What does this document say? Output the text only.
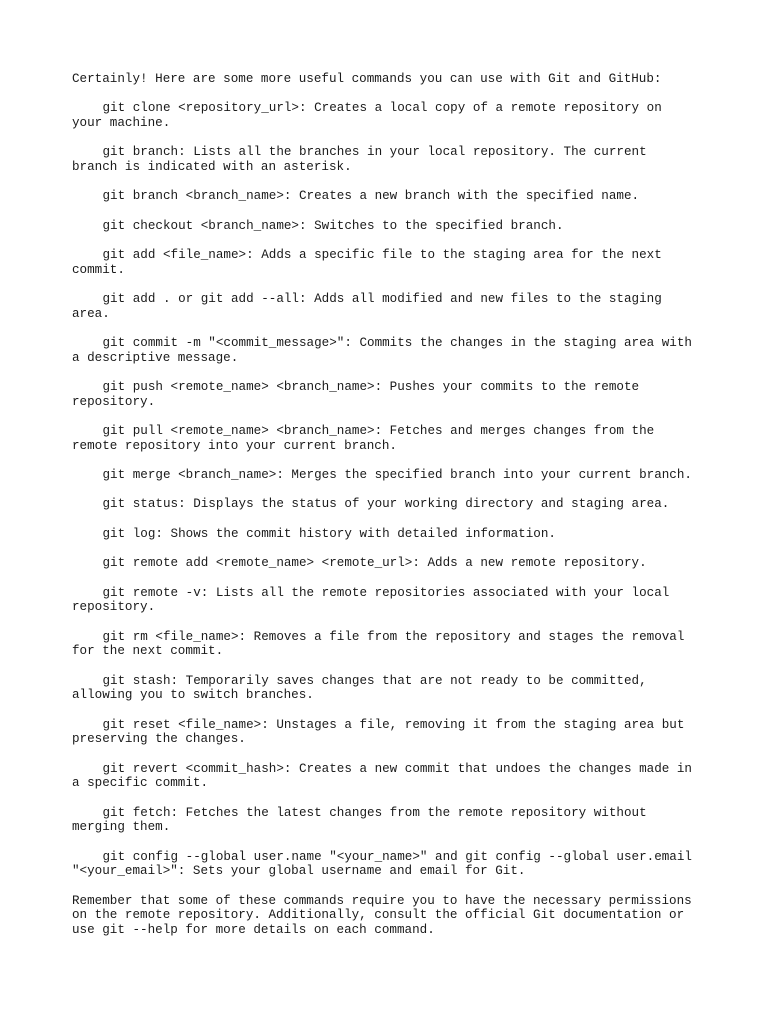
Certainly! Here are some more useful commands you can use with Git and GitHub:

git clone <repository_url>: Creates a local copy of a remote repository on your machine.

git branch: Lists all the branches in your local repository. The current branch is indicated with an asterisk.

git branch <branch_name>: Creates a new branch with the specified name.

git checkout <branch_name>: Switches to the specified branch.

git add <file_name>: Adds a specific file to the staging area for the next commit.

git add . or git add --all: Adds all modified and new files to the staging area.

git commit -m "<commit_message>": Commits the changes in the staging area with a descriptive message.

git push <remote_name> <branch_name>: Pushes your commits to the remote repository.

git pull <remote_name> <branch_name>: Fetches and merges changes from the remote repository into your current branch.

git merge <branch_name>: Merges the specified branch into your current branch.

git status: Displays the status of your working directory and staging area.

git log: Shows the commit history with detailed information.

git remote add <remote_name> <remote_url>: Adds a new remote repository.

git remote -v: Lists all the remote repositories associated with your local repository.

git rm <file_name>: Removes a file from the repository and stages the removal for the next commit.

git stash: Temporarily saves changes that are not ready to be committed, allowing you to switch branches.

git reset <file_name>: Unstages a file, removing it from the staging area but preserving the changes.

git revert <commit_hash>: Creates a new commit that undoes the changes made in a specific commit.

git fetch: Fetches the latest changes from the remote repository without merging them.

git config --global user.name "<your_name>" and git config --global user.email "<your_email>": Sets your global username and email for Git.

Remember that some of these commands require you to have the necessary permissions on the remote repository. Additionally, consult the official Git documentation or use git --help for more details on each command.
